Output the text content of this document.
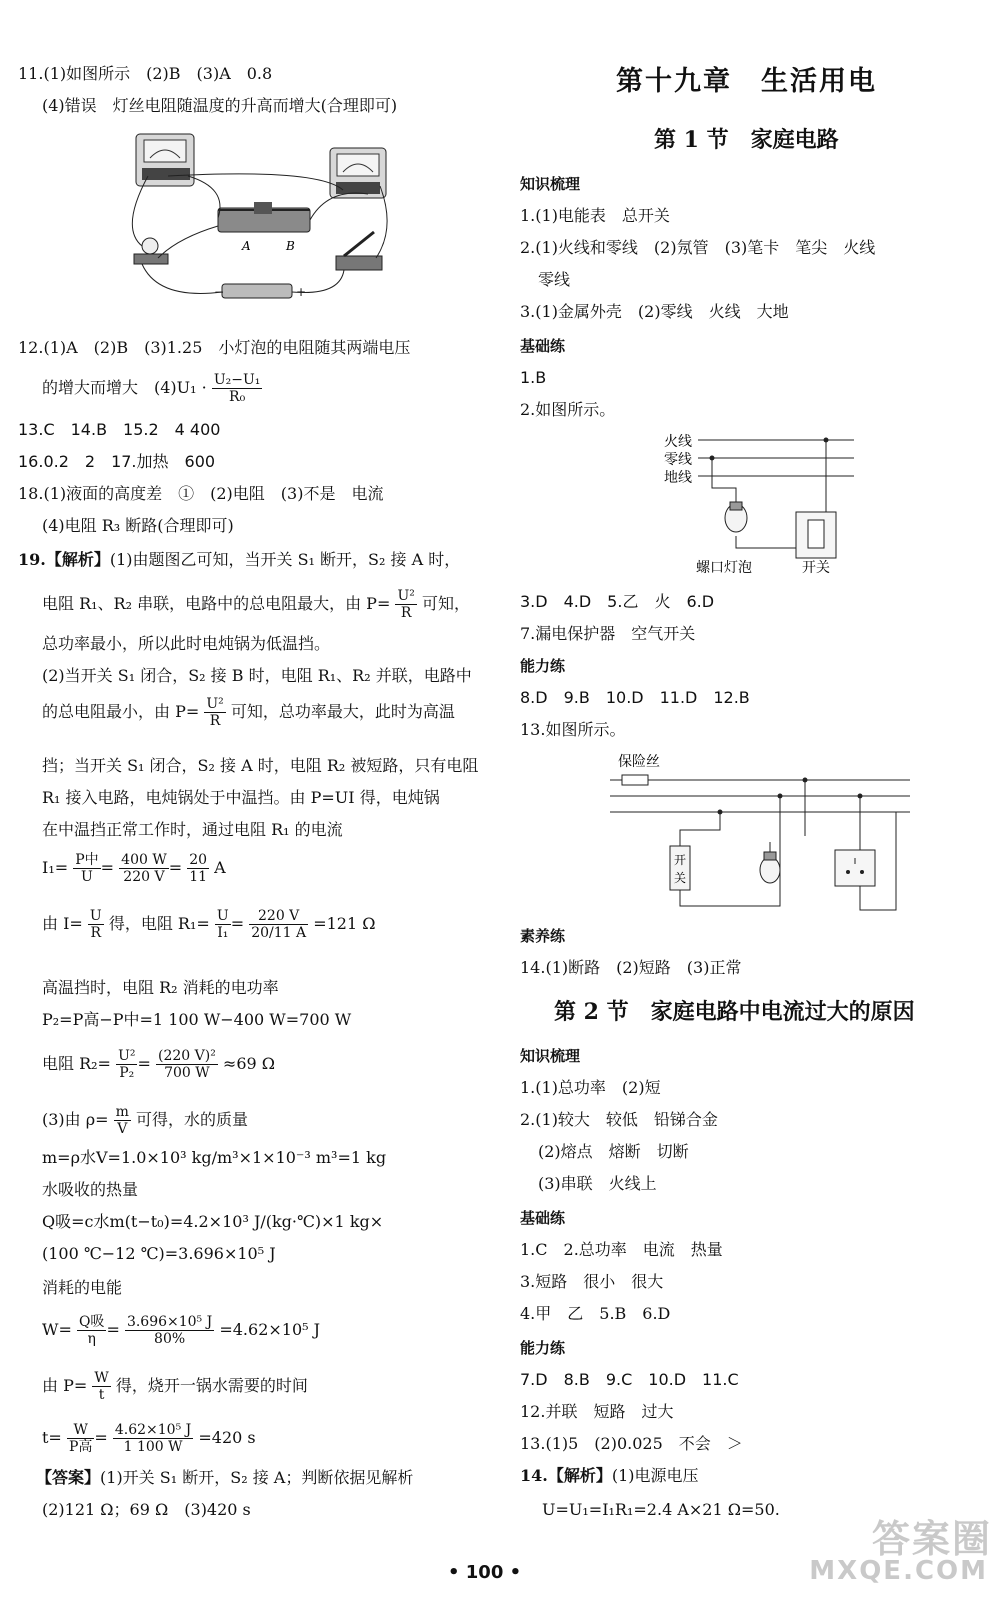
11.(1)如图所示　(2)B　(3)A　0.8
(4)错误　灯丝电阻随温度的升高而增大(合理即可)
A	B
−	+
12.(1)A　(2)B　(3)1.25　小灯泡的电阻随其两端电压
的增大而增大　$(4)U_1 \cdot \frac{\text{U₂−U₁}}{\text{R₀}}$
13.C　14.B　15.2　4 400
16.0.2　2　17.加热　600
18.(1)液面的高度差　①　(2)电阻　(3)不是　电流
(4)电阻 R₃ 断路(合理即可)
19.【解析】(1)由题图乙可知，当开关 S₁ 断开，S₂ 接 A 时，
电阻 R₁、R₂ 串联，电路中的总电阻最大，由 $P= \frac{\text{U²}}{R}$ 可知，
总功率最小，所以此时电炖锅为低温挡。
(2)当开关 S₁ 闭合，S₂ 接 B 时，电阻 R₁、R₂ 并联，电路中
的总电阻最小，由 $P= \frac{\text{U²}}{R}$ 可知，总功率最大，此时为高温
挡；当开关 S₁ 闭合，S₂ 接 A 时，电阻 R₂ 被短路，只有电阻
R₁ 接入电路，电炖锅处于中温挡。由 P=UI 得，电炖锅
在中温挡正常工作时，通过电阻 R₁ 的电流
$I_1= \frac{\text{P中}}{U} = \frac{400 W}{220 V} = \frac{20}{11}$ A
由 $I= \frac{U}{R}$ 得，电阻 $R_1= \frac{U}{\text{I₁}} = \frac{220 V}{20/11 A} =121$ Ω
高温挡时，电阻 R₂ 消耗的电功率
P₂=P高−P中=1 100 W−400 W=700 W
电阻 $R_2= \frac{\text{U²}}{\text{P₂}} = \frac{\text{(220 V)²}}{700 W} \approx 69$ Ω
(3)由 $\rho= \frac{m}{V}$ 可得，水的质量
m=ρ水V=1.0×10³ kg/m³×1×10⁻³ m³=1 kg
水吸收的热量
Q吸=c水m(t−t₀)=4.2×10³ J/(kg·℃)×1 kg×
(100 ℃−12 ℃)=3.696×10⁵ J
消耗的电能
$W= \frac{\text{Q吸}}{\eta} = \frac{\text{3.696×10⁵ J}}{80\%} =4.62\times 10^5$ J
由 $P= \frac{W}{t}$ 得，烧开一锅水需要的时间
$t= \frac{W}{\text{P高}} = \frac{\text{4.62×10⁵ J}}{1 100 W} =420$ s
【答案】(1)开关 S₁ 断开，S₂ 接 A；判断依据见解析
(2)121 Ω；69 Ω　(3)420 s
第十九章　生活用电
第 1 节　家庭电路
知识梳理
1.(1)电能表　总开关
2.(1)火线和零线　(2)氖管　(3)笔卡　笔尖　火线
零线
3.(1)金属外壳　(2)零线　火线　大地
基础练
1.B
2.如图所示。
火线
零线
地线
螺口灯泡	开关
3.D　4.D　5.乙　火　6.D
7.漏电保护器　空气开关
能力练
8.D　9.B　10.D　11.D　12.B
13.如图所示。
保险丝
开
关
素养练
14.(1)断路　(2)短路　(3)正常
第 2 节　家庭电路中电流过大的原因
知识梳理
1.(1)总功率　(2)短
2.(1)较大　较低　铅锑合金
(2)熔点　熔断　切断
(3)串联　火线上
基础练
1.C　2.总功率　电流　热量
3.短路　很小　很大
4.甲　乙　5.B　6.D
能力练
7.D　8.B　9.C　10.D　11.C
12.并联　短路　过大
13.(1)5　(2)0.025　不会　＞
14.【解析】(1)电源电压
U=U₁=I₁R₁=2.4 A×21 Ω=50.
• 100 •
答案圈
MXQE.COM
